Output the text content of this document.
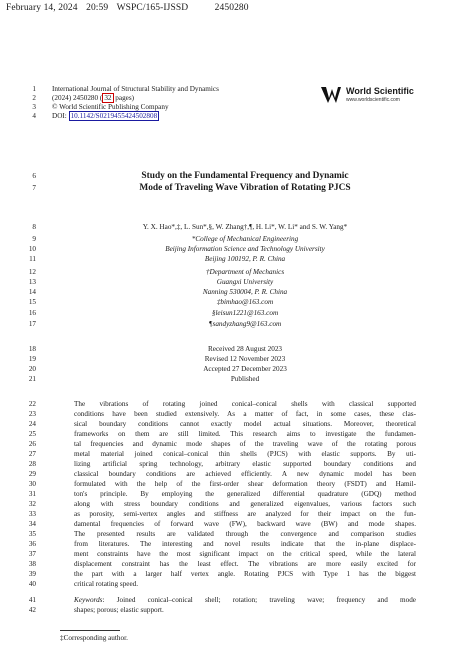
February 14, 2024 20:59 WSPC/165-IJSSD	2450280
1
2
3
4
6
7
8
9
10
11
12
13
14
15
16
17
18
19
20
21
22
23
24
25
26
27
28
29
30
31
32
33
34
35
36
37
38
39
40
41
42
International Journal of Structural Stability and Dynamics
(2024) 2450280 ( 32 pages)
© World Scientific Publishing Company
DOI: 10.1142/S0219455424502808
World Scientific
www.worldscientific.com
Study on the Fundamental Frequency and Dynamic
Mode of Traveling Wave Vibration of Rotating PJCS
Y. X. Hao*,‡, L. Sun*,§, W. Zhang†,¶, H. Li*, W. Li* and S. W. Yang*
*College of Mechanical Engineering
Beijing Information Science and Technology University
Beijing 100192, P. R. China
†Department of Mechanics
Guangxi University
Nanning 530004, P. R. China
‡bimhao@163.com
§leisun1221@163.com
¶sandyzhang9@163.com
Received 28 August 2023
Revised 12 November 2023
Accepted 27 December 2023
Published
The vibrations of rotating joined conical–conical shells with classical supported
conditions have been studied extensively. As a matter of fact, in some cases, these clas-
sical boundary conditions cannot exactly model actual situations. Moreover, theoretical
frameworks on them are still limited. This research aims to investigate the fundamen-
tal frequencies and dynamic mode shapes of the traveling wave of the rotating porous
metal material joined conical–conical thin shells (PJCS) with elastic supports. By uti-
lizing artificial spring technology, arbitrary elastic supported boundary conditions and
classical boundary conditions are achieved efficiently. A new dynamic model has been
formulated with the help of the first-order shear deformation theory (FSDT) and Hamil-
ton's principle. By employing the generalized differential quadrature (GDQ) method
along with stress boundary conditions and generalized eigenvalues, various factors such
as porosity, semi-vertex angles and stiffness are analyzed for their impact on the fun-
damental frequencies of forward wave (FW), backward wave (BW) and mode shapes.
The presented results are validated through the convergence and comparison studies
from literatures. The interesting and novel results indicate that the in-plane displace-
ment constraints have the most significant impact on the critical speed, while the lateral
displacement constraint has the least effect. The vibrations are more easily excited for
the part with a larger half vertex angle. Rotating PJCS with Type 1 has the biggest
critical rotating speed.
Keywords: Joined conical–conical shell; rotation; traveling wave; frequency and mode
shapes; porous; elastic support.
‡Corresponding author.
